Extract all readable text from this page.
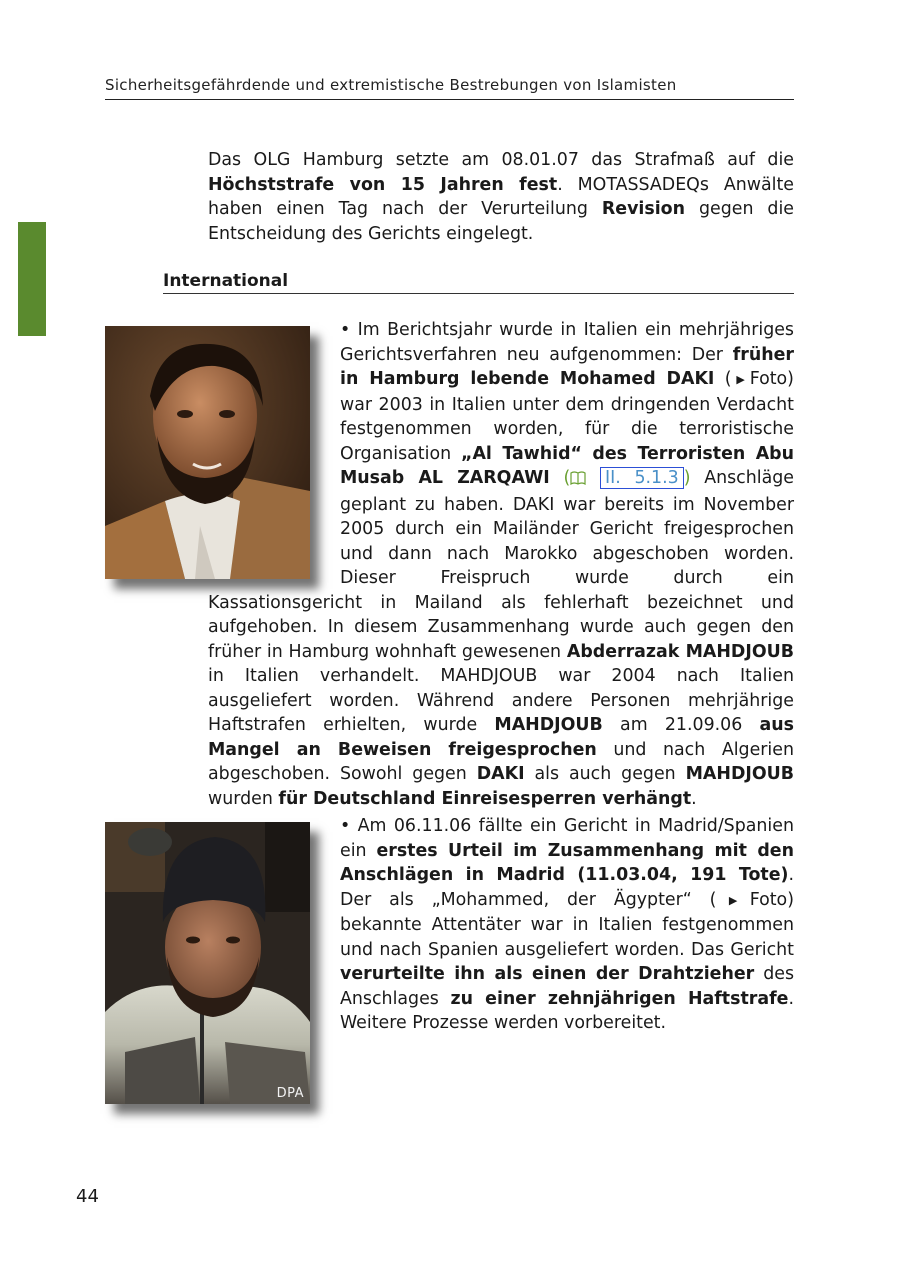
Sicherheitsgefährdende und extremistische Bestrebungen von Islamisten

Das OLG Hamburg setzte am 08.01.07 das Strafmaß auf die Höchststrafe von 15 Jahren fest. MOTASSADEQs Anwälte haben einen Tag nach der Verurteilung Revision gegen die Entscheidung des Gerichts eingelegt.

International
DPA

• Im Berichtsjahr wurde in Italien ein mehrjähriges Gerichtsverfahren neu aufgenommen: Der früher in Hamburg lebende Mohamed DAKI (▶Foto) war 2003 in Italien unter dem dringenden Verdacht festgenommen worden, für die terroristische Organisation „Al Tawhid“ des Terroristen Abu Musab AL ZARQAWI ( II. 5.1.3 ) Anschläge geplant zu haben. DAKI war bereits im November 2005 durch ein Mailänder Gericht freigesprochen und dann nach Marokko abgeschoben worden. Dieser Freispruch wurde durch ein Kassationsgericht in Mailand als fehlerhaft bezeichnet und aufgehoben. In diesem Zusammenhang wurde auch gegen den früher in Hamburg wohnhaft gewesenen Abderrazak MAHDJOUB in Italien verhandelt. MAHDJOUB war 2004 nach Italien ausgeliefert worden. Während andere Personen mehrjährige Haftstrafen erhielten, wurde MAHDJOUB am 21.09.06 aus Mangel an Beweisen freigesprochen und nach Algerien abgeschoben. Sowohl gegen DAKI als auch gegen MAHDJOUB wurden für Deutschland Einreisesperren verhängt.

• Am 06.11.06 fällte ein Gericht in Madrid/Spanien ein erstes Urteil im Zusammenhang mit den Anschlägen in Madrid (11.03.04, 191 Tote). Der als „Mohammed, der Ägypter“ (▶Foto) bekannte Attentäter war in Italien festgenommen und nach Spanien ausgeliefert worden. Das Gericht verurteilte ihn als einen der Drahtzieher des Anschlages zu einer zehnjährigen Haftstrafe. Weitere Prozesse werden vorbereitet.

44
